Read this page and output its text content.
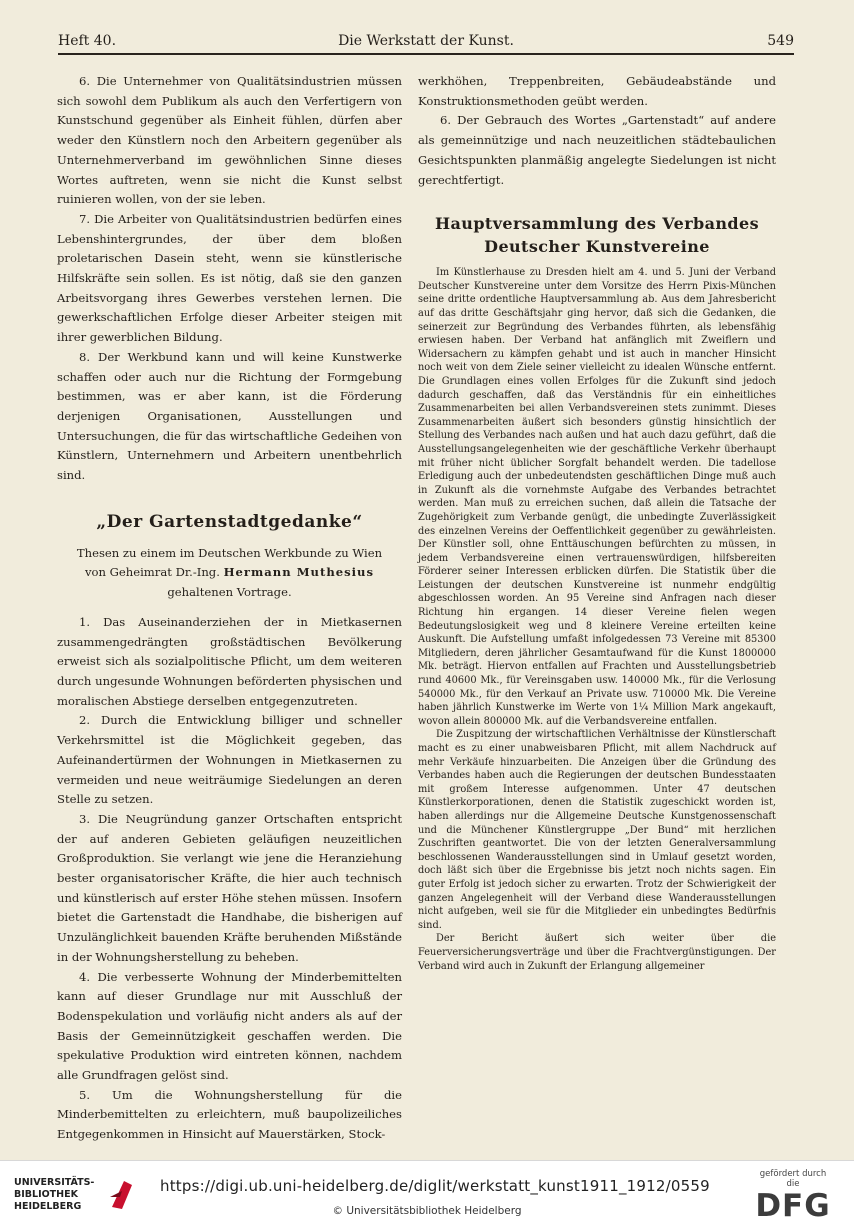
Heft 40.	Die Werkstatt der Kunst.	549

6. Die Unternehmer von Qualitätsindustrien müssen sich sowohl dem Publikum als auch den Verfertigern von Kunstschund gegenüber als Einheit fühlen, dürfen aber weder den Künstlern noch den Arbeitern gegenüber als Unternehmerverband im gewöhnlichen Sinne dieses Wortes auftreten, wenn sie nicht die Kunst selbst ruinieren wollen, von der sie leben.

7. Die Arbeiter von Qualitätsindustrien bedürfen eines Lebenshintergrundes, der über dem bloßen proletarischen Dasein steht, wenn sie künstlerische Hilfskräfte sein sollen. Es ist nötig, daß sie den ganzen Arbeitsvorgang ihres Gewerbes verstehen lernen. Die gewerkschaftlichen Erfolge dieser Arbeiter steigen mit ihrer gewerblichen Bildung.

8. Der Werkbund kann und will keine Kunstwerke schaffen oder auch nur die Richtung der Formgebung bestimmen, was er aber kann, ist die Förderung derjenigen Organisationen, Ausstellungen und Untersuchungen, die für das wirtschaftliche Gedeihen von Künstlern, Unternehmern und Arbeitern unentbehrlich sind.

„Der Gartenstadtgedanke“
Thesen zu einem im Deutschen Werkbunde zu Wien
von Geheimrat Dr.-Ing. Hermann Muthesius
gehaltenen Vortrage.

1. Das Auseinanderziehen der in Mietkasernen zusammengedrängten großstädtischen Bevölkerung erweist sich als sozialpolitische Pflicht, um dem weiteren durch ungesunde Wohnungen beförderten physischen und moralischen Abstiege derselben entgegenzutreten.

2. Durch die Entwicklung billiger und schneller Verkehrsmittel ist die Möglichkeit gegeben, das Aufeinandertürmen der Wohnungen in Mietkasernen zu vermeiden und neue weiträumige Siedelungen an deren Stelle zu setzen.

3. Die Neugründung ganzer Ortschaften entspricht der auf anderen Gebieten geläufigen neuzeitlichen Großproduktion. Sie verlangt wie jene die Heranziehung bester organisatorischer Kräfte, die hier auch technisch und künstlerisch auf erster Höhe stehen müssen. Insofern bietet die Gartenstadt die Handhabe, die bisherigen auf Unzulänglichkeit bauenden Kräfte beruhenden Mißstände in der Wohnungsherstellung zu beheben.

4. Die verbesserte Wohnung der Minderbemittelten kann auf dieser Grundlage nur mit Ausschluß der Bodenspekulation und vorläufig nicht anders als auf der Basis der Gemeinnützigkeit geschaffen werden. Die spekulative Produktion wird eintreten können, nachdem alle Grundfragen gelöst sind.

5. Um die Wohnungsherstellung für die Minderbemittelten zu erleichtern, muß baupolizeiliches Entgegenkommen in Hinsicht auf Mauerstärken, Stock-

werkhöhen, Treppenbreiten, Gebäudeabstände und Konstruktionsmethoden geübt werden.

6. Der Gebrauch des Wortes „Gartenstadt“ auf andere als gemeinnützige und nach neuzeitlichen städtebaulichen Gesichtspunkten planmäßig angelegte Siedelungen ist nicht gerechtfertigt.

Hauptversammlung des Verbandes
Deutscher Kunstvereine

Im Künstlerhause zu Dresden hielt am 4. und 5. Juni der Verband Deutscher Kunstvereine unter dem Vorsitze des Herrn Pixis-München seine dritte ordentliche Hauptversammlung ab. Aus dem Jahresbericht auf das dritte Geschäftsjahr ging hervor, daß sich die Gedanken, die seinerzeit zur Begründung des Verbandes führten, als lebensfähig erwiesen haben. Der Verband hat anfänglich mit Zweiflern und Widersachern zu kämpfen gehabt und ist auch in mancher Hinsicht noch weit von dem Ziele seiner vielleicht zu idealen Wünsche entfernt. Die Grundlagen eines vollen Erfolges für die Zukunft sind jedoch dadurch geschaffen, daß das Verständnis für ein einheitliches Zusammenarbeiten bei allen Verbandsvereinen stets zunimmt. Dieses Zusammenarbeiten äußert sich besonders günstig hinsichtlich der Stellung des Verbandes nach außen und hat auch dazu geführt, daß die Ausstellungsangelegenheiten wie der geschäftliche Verkehr überhaupt mit früher nicht üblicher Sorgfalt behandelt werden. Die tadellose Erledigung auch der unbedeutendsten geschäftlichen Dinge muß auch in Zukunft als die vornehmste Aufgabe des Verbandes betrachtet werden. Man muß zu erreichen suchen, daß allein die Tatsache der Zugehörigkeit zum Verbande genügt, die unbedingte Zuverlässigkeit des einzelnen Vereins der Oeffentlichkeit gegenüber zu gewährleisten. Der Künstler soll, ohne Enttäuschungen befürchten zu müssen, in jedem Verbandsvereine einen vertrauenswürdigen, hilfsbereiten Förderer seiner Interessen erblicken dürfen. Die Statistik über die Leistungen der deutschen Kunstvereine ist nunmehr endgültig abgeschlossen worden. An 95 Vereine sind Anfragen nach dieser Richtung hin ergangen. 14 dieser Vereine fielen wegen Bedeutungslosigkeit weg und 8 kleinere Vereine erteilten keine Auskunft. Die Aufstellung umfaßt infolgedessen 73 Vereine mit 85300 Mitgliedern, deren jährlicher Gesamtaufwand für die Kunst 1800000 Mk. beträgt. Hiervon entfallen auf Frachten und Ausstellungsbetrieb rund 40600 Mk., für Vereinsgaben usw. 140000 Mk., für die Verlosung 540000 Mk., für den Verkauf an Private usw. 710000 Mk. Die Vereine haben jährlich Kunstwerke im Werte von 1¼ Million Mark angekauft, wovon allein 800000 Mk. auf die Verbandsvereine entfallen.

Die Zuspitzung der wirtschaftlichen Verhältnisse der Künstlerschaft macht es zu einer unabweisbaren Pflicht, mit allem Nachdruck auf mehr Verkäufe hinzuarbeiten. Die Anzeigen über die Gründung des Verbandes haben auch die Regierungen der deutschen Bundesstaaten mit großem Interesse aufgenommen. Unter 47 deutschen Künstlerkorporationen, denen die Statistik zugeschickt worden ist, haben allerdings nur die Allgemeine Deutsche Kunstgenossenschaft und die Münchener Künstlergruppe „Der Bund“ mit herzlichen Zuschriften geantwortet. Die von der letzten Generalversammlung beschlossenen Wanderausstellungen sind in Umlauf gesetzt worden, doch läßt sich über die Ergebnisse bis jetzt noch nichts sagen. Ein guter Erfolg ist jedoch sicher zu erwarten. Trotz der Schwierigkeit der ganzen Angelegenheit will der Verband diese Wanderausstellungen nicht aufgeben, weil sie für die Mitglieder ein unbedingtes Bedürfnis sind.

Der Bericht äußert sich weiter über die Feuerversicherungsverträge und über die Frachtvergünstigungen. Der Verband wird auch in Zukunft der Erlangung allgemeiner

UNIVERSITÄTS-
BIBLIOTHEK
HEIDELBERG
https://digi.ub.uni-heidelberg.de/diglit/werkstatt_kunst1911_1912/0559
© Universitätsbibliothek Heidelberg
gefördert durch die
DFG
